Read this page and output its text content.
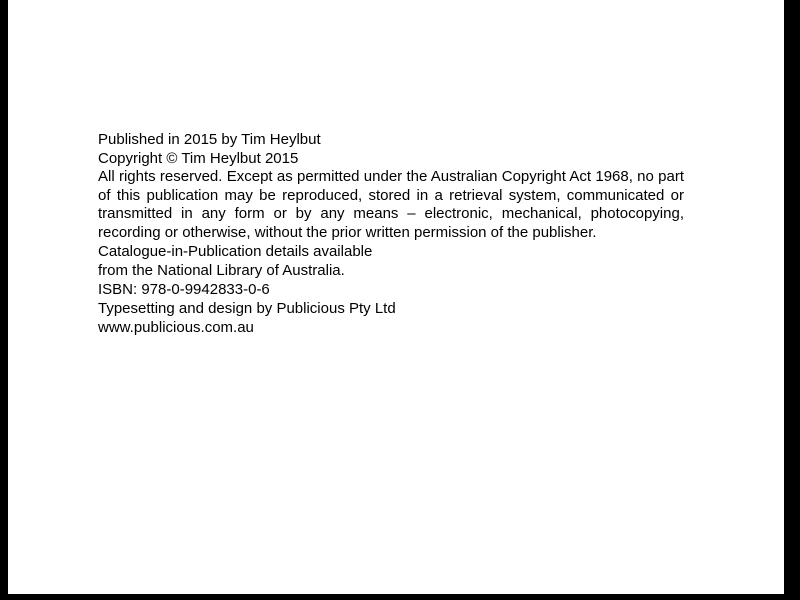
Published in 2015 by Tim Heylbut

Copyright © Tim Heylbut 2015

All rights reserved. Except as permitted under the Australian Copyright Act 1968, no part of this publication may be reproduced, stored in a retrieval system, communicated or transmitted in any form or by any means – electronic, mechanical, photocopying, recording or otherwise, without the prior written permission of the publisher.

Catalogue-in-Publication details available
from the National Library of Australia.

ISBN: 978-0-9942833-0-6

Typesetting and design by Publicious Pty Ltd
www.publicious.com.au
